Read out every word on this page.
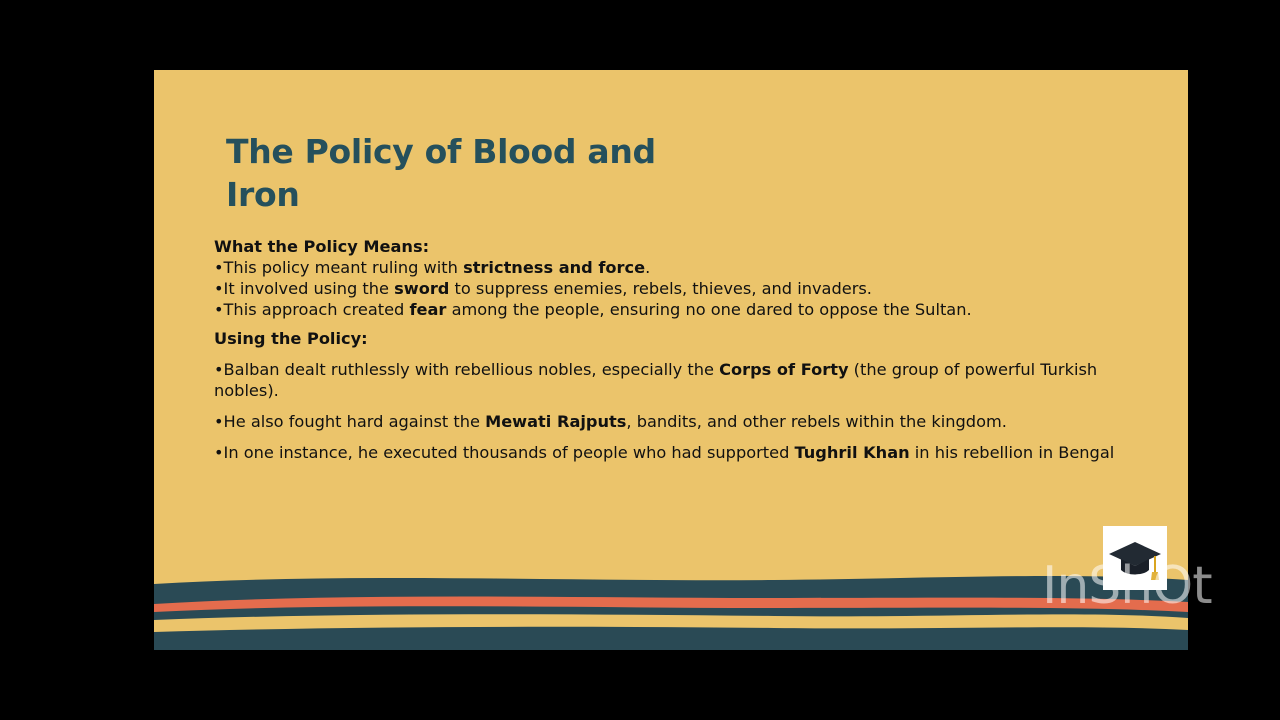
The Policy of Blood and
Iron

What the Policy Means:

•This policy meant ruling with strictness and force.

•It involved using the sword to suppress enemies, rebels, thieves, and invaders.

•This approach created fear among the people, ensuring no one dared to oppose the Sultan.

Using the Policy:

•Balban dealt ruthlessly with rebellious nobles, especially the Corps of Forty (the group of powerful Turkish nobles).

•He also fought hard against the Mewati Rajputs, bandits, and other rebels within the kingdom.

•In one instance, he executed thousands of people who had supported Tughril Khan in his rebellion in Bengal

InShOt
